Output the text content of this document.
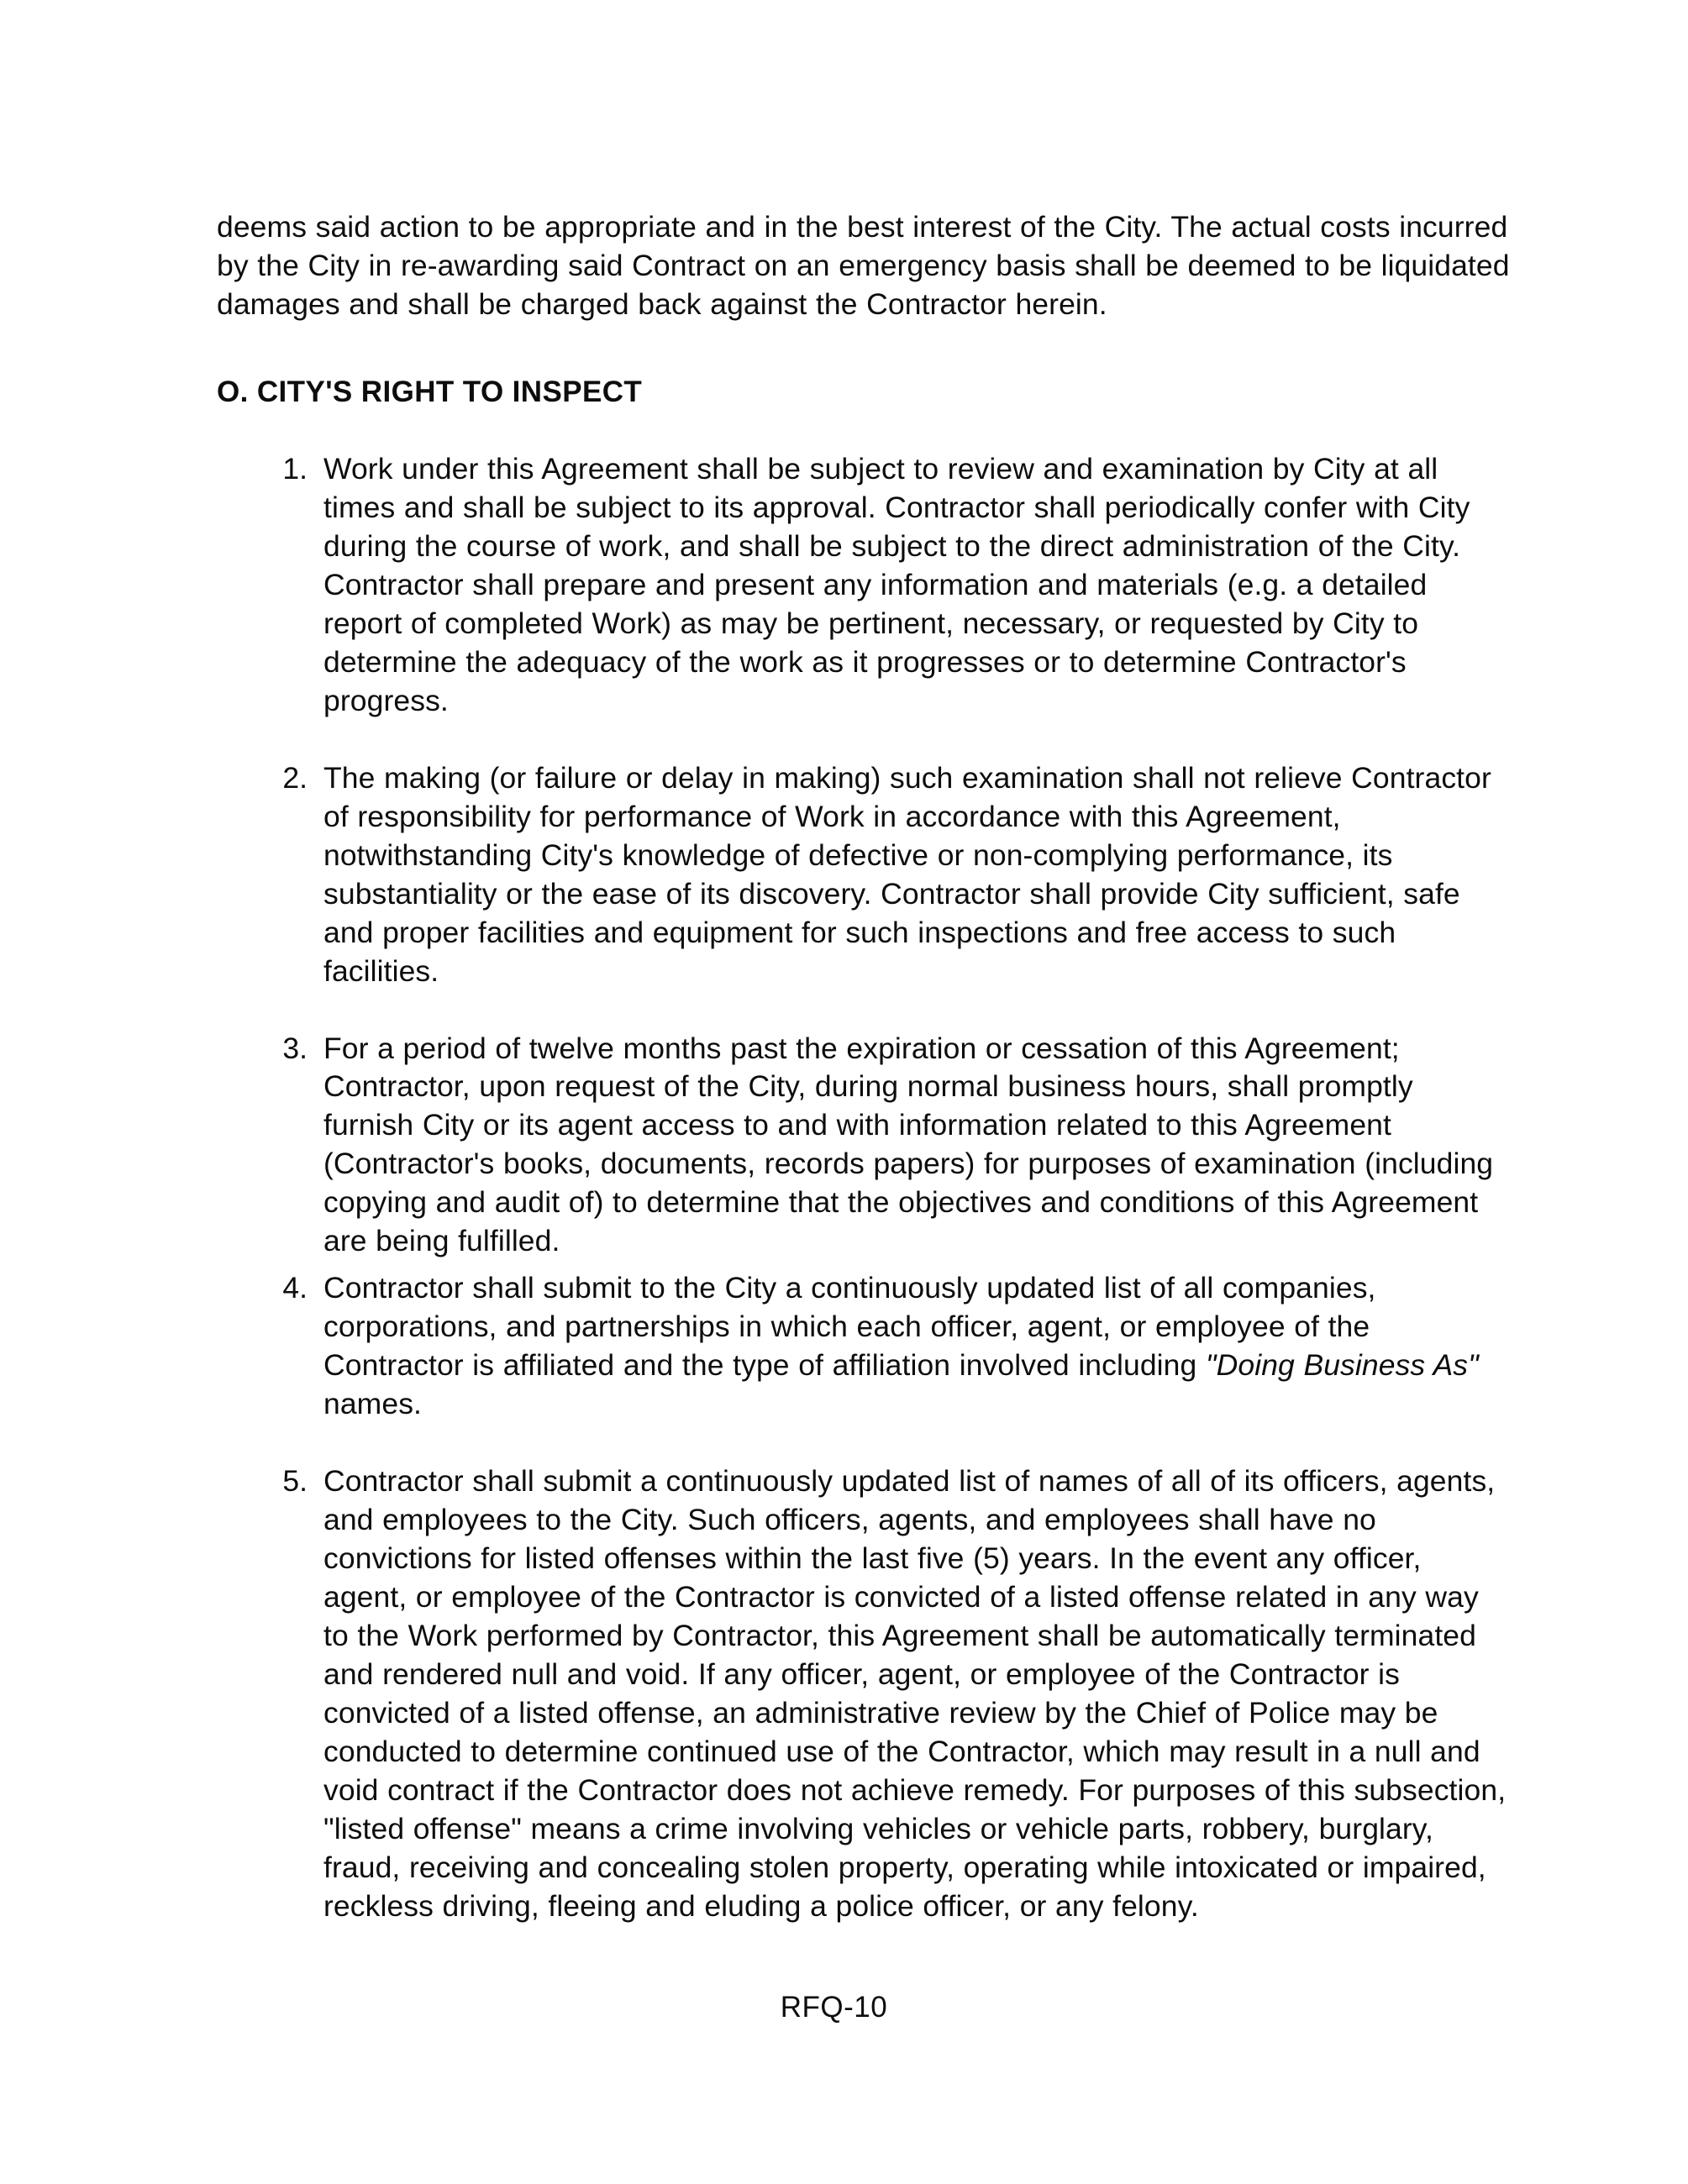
deems said action to be appropriate and in the best interest of the City. The actual costs incurred by the City in re-awarding said Contract on an emergency basis shall be deemed to be liquidated damages and shall be charged back against the Contractor herein.

O. CITY'S RIGHT TO INSPECT
1. Work under this Agreement shall be subject to review and examination by City at all times and shall be subject to its approval. Contractor shall periodically confer with City during the course of work, and shall be subject to the direct administration of the City. Contractor shall prepare and present any information and materials (e.g. a detailed report of completed Work) as may be pertinent, necessary, or requested by City to determine the adequacy of the work as it progresses or to determine Contractor's progress.
2. The making (or failure or delay in making) such examination shall not relieve Contractor of responsibility for performance of Work in accordance with this Agreement, notwithstanding City's knowledge of defective or non-complying performance, its substantiality or the ease of its discovery. Contractor shall provide City sufficient, safe and proper facilities and equipment for such inspections and free access to such facilities.
3. For a period of twelve months past the expiration or cessation of this Agreement; Contractor, upon request of the City, during normal business hours, shall promptly furnish City or its agent access to and with information related to this Agreement (Contractor's books, documents, records papers) for purposes of examination (including copying and audit of) to determine that the objectives and conditions of this Agreement are being fulfilled.
4. Contractor shall submit to the City a continuously updated list of all companies, corporations, and partnerships in which each officer, agent, or employee of the Contractor is affiliated and the type of affiliation involved including "Doing Business As" names.
5. Contractor shall submit a continuously updated list of names of all of its officers, agents, and employees to the City. Such officers, agents, and employees shall have no convictions for listed offenses within the last five (5) years. In the event any officer, agent, or employee of the Contractor is convicted of a listed offense related in any way to the Work performed by Contractor, this Agreement shall be automatically terminated and rendered null and void. If any officer, agent, or employee of the Contractor is convicted of a listed offense, an administrative review by the Chief of Police may be conducted to determine continued use of the Contractor, which may result in a null and void contract if the Contractor does not achieve remedy. For purposes of this subsection, "listed offense" means a crime involving vehicles or vehicle parts, robbery, burglary, fraud, receiving and concealing stolen property, operating while intoxicated or impaired, reckless driving, fleeing and eluding a police officer, or any felony.
RFQ-10
